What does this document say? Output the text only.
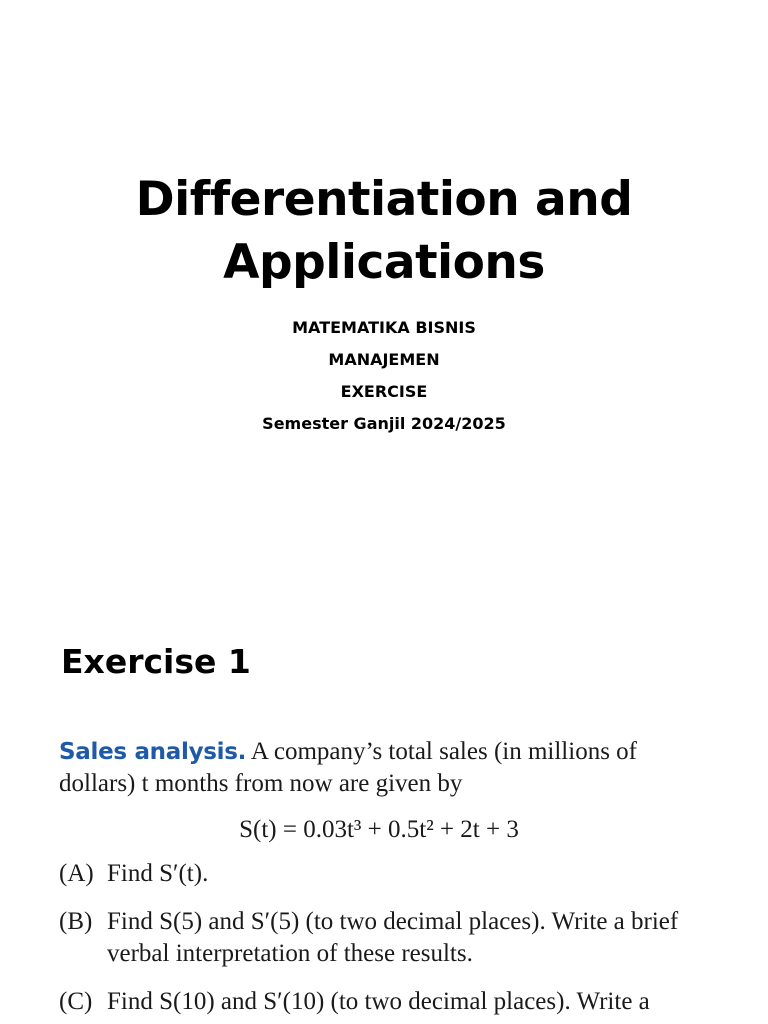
Differentiation and
Applications
MATEMATIKA BISNIS
MANAJEMEN
EXERCISE
Semester Ganjil 2024/2025
Exercise 1
Sales analysis. A company’s total sales (in millions of dollars) t months from now are given by
S(t) = 0.03t³ + 0.5t² + 2t + 3
(A) Find S′(t).
(B) Find S(5) and S′(5) (to two decimal places). Write a brief verbal interpretation of these results.
(C) Find S(10) and S′(10) (to two decimal places). Write a
